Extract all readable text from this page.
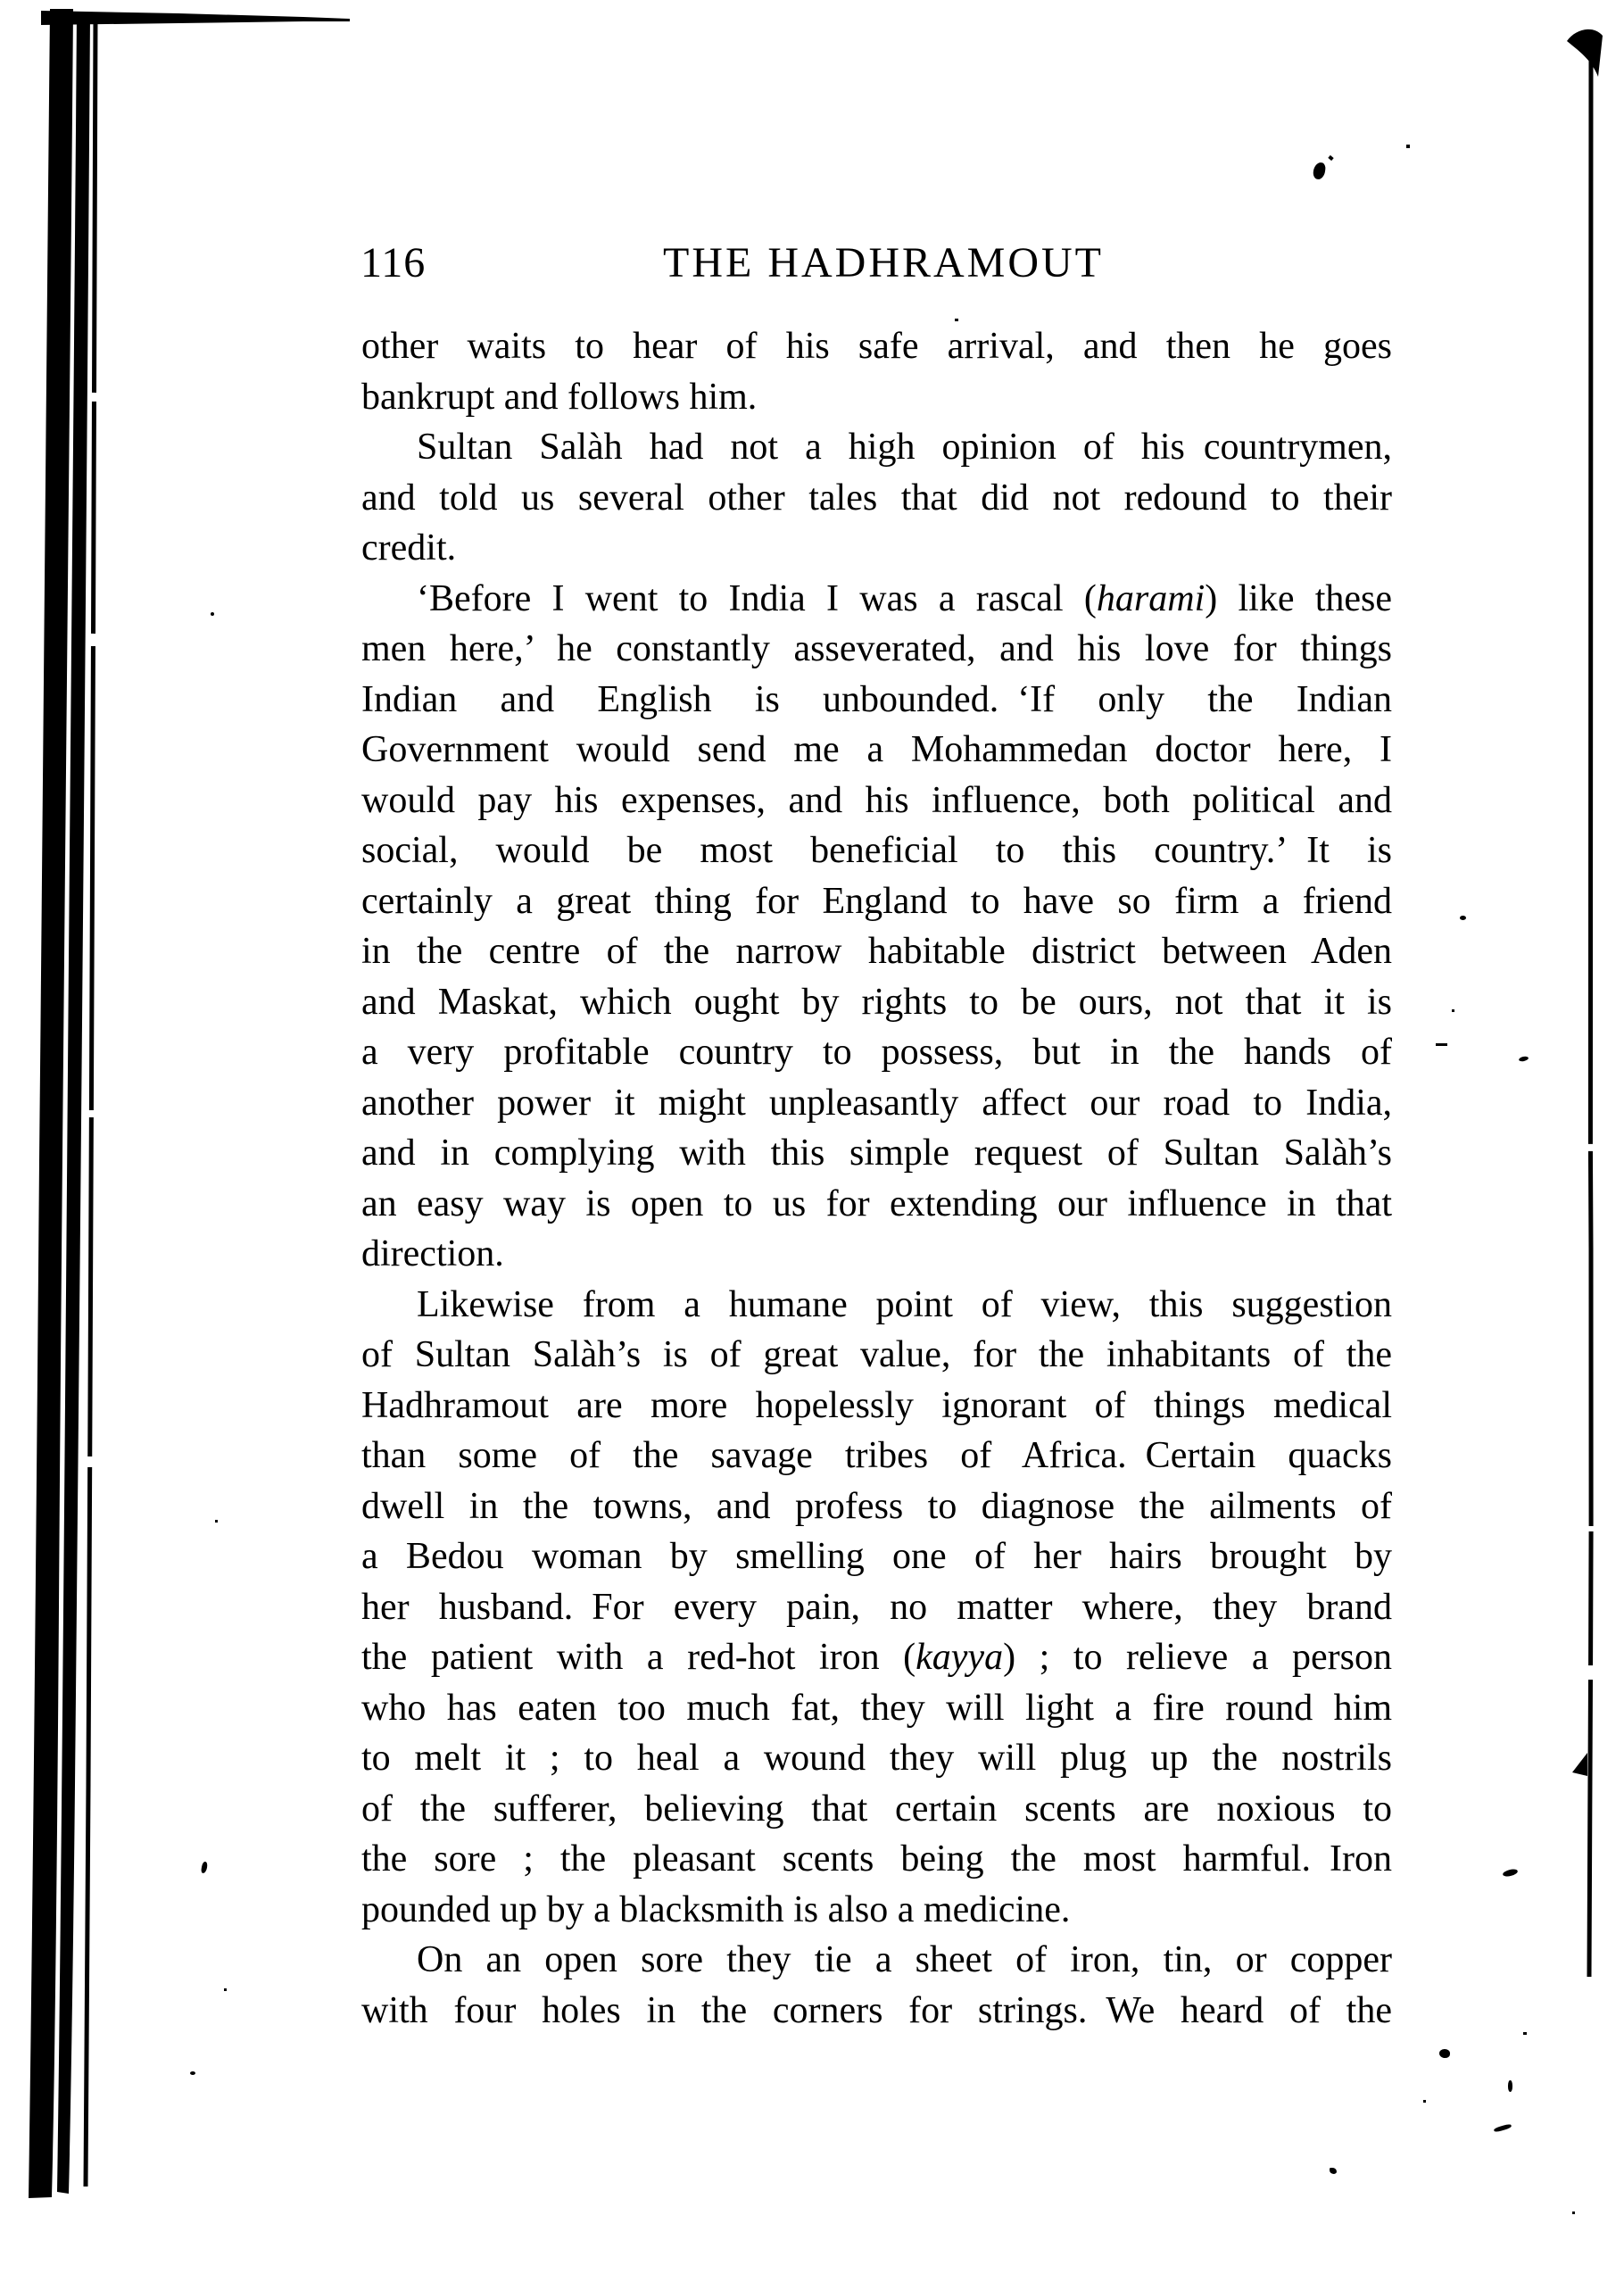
116	THE HADHRAMOUT
other waits to hear of his safe arrival, and then he goes
bankrupt and follows him.
Sultan Salàh had not a high opinion of his countrymen,
and told us several other tales that did not redound to their
credit.
‘Before I went to India I was a rascal (harami) like these
men here,’ he constantly asseverated, and his love for things
Indian and English is unbounded. ‘If only the Indian
Government would send me a Mohammedan doctor here, I
would pay his expenses, and his influence, both political and
social, would be most beneficial to this country.’ It is
certainly a great thing for England to have so firm a friend
in the centre of the narrow habitable district between Aden
and Maskat, which ought by rights to be ours, not that it is
a very profitable country to possess, but in the hands of
another power it might unpleasantly affect our road to India,
and in complying with this simple request of Sultan Salàh’s
an easy way is open to us for extending our influence in that
direction.
Likewise from a humane point of view, this suggestion
of Sultan Salàh’s is of great value, for the inhabitants of the
Hadhramout are more hopelessly ignorant of things medical
than some of the savage tribes of Africa. Certain quacks
dwell in the towns, and profess to diagnose the ailments of
a Bedou woman by smelling one of her hairs brought by
her husband. For every pain, no matter where, they brand
the patient with a red-hot iron (kayya) ; to relieve a person
who has eaten too much fat, they will light a fire round him
to melt it ; to heal a wound they will plug up the nostrils
of the sufferer, believing that certain scents are noxious to
the sore ; the pleasant scents being the most harmful. Iron
pounded up by a blacksmith is also a medicine.
On an open sore they tie a sheet of iron, tin, or copper
with four holes in the corners for strings. We heard of the
